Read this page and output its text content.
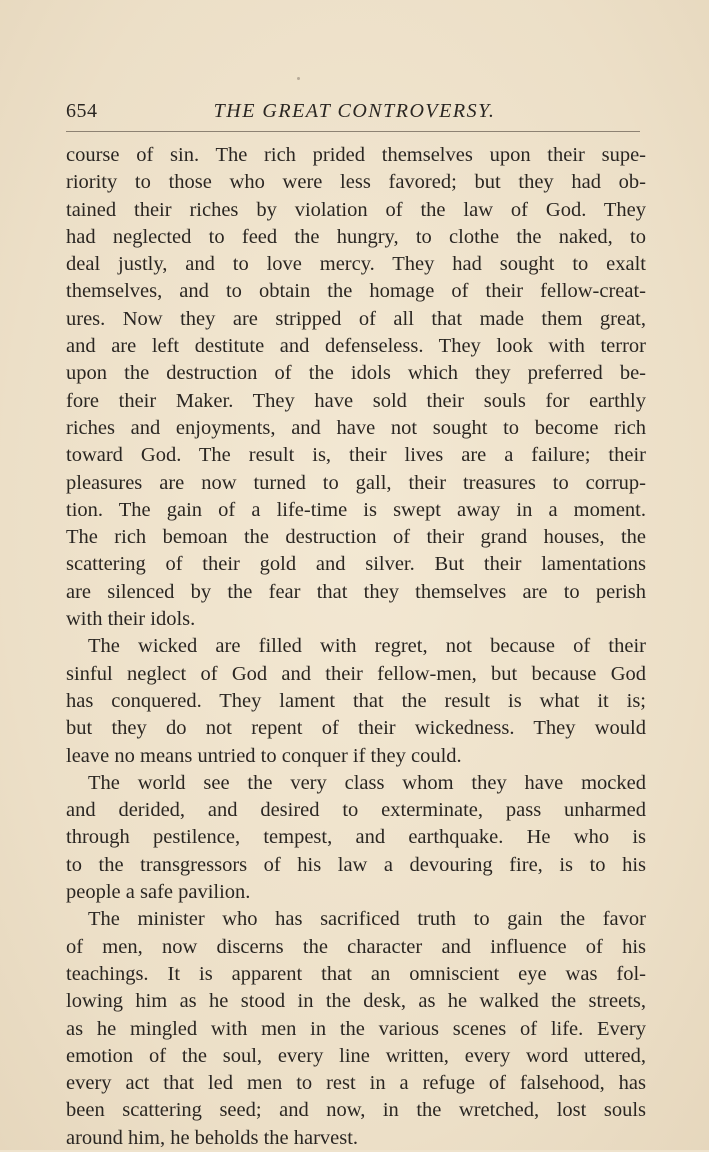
654	THE GREAT CONTROVERSY.
course of sin. The rich prided themselves upon their supe-
riority to those who were less favored; but they had ob-
tained their riches by violation of the law of God. They
had neglected to feed the hungry, to clothe the naked, to
deal justly, and to love mercy. They had sought to exalt
themselves, and to obtain the homage of their fellow-creat-
ures. Now they are stripped of all that made them great,
and are left destitute and defenseless. They look with terror
upon the destruction of the idols which they preferred be-
fore their Maker. They have sold their souls for earthly
riches and enjoyments, and have not sought to become rich
toward God. The result is, their lives are a failure; their
pleasures are now turned to gall, their treasures to corrup-
tion. The gain of a life-time is swept away in a moment.
The rich bemoan the destruction of their grand houses, the
scattering of their gold and silver. But their lamentations
are silenced by the fear that they themselves are to perish
with their idols.
The wicked are filled with regret, not because of their
sinful neglect of God and their fellow-men, but because God
has conquered. They lament that the result is what it is;
but they do not repent of their wickedness. They would
leave no means untried to conquer if they could.
The world see the very class whom they have mocked
and derided, and desired to exterminate, pass unharmed
through pestilence, tempest, and earthquake. He who is
to the transgressors of his law a devouring fire, is to his
people a safe pavilion.
The minister who has sacrificed truth to gain the favor
of men, now discerns the character and influence of his
teachings. It is apparent that an omniscient eye was fol-
lowing him as he stood in the desk, as he walked the streets,
as he mingled with men in the various scenes of life. Every
emotion of the soul, every line written, every word uttered,
every act that led men to rest in a refuge of falsehood, has
been scattering seed; and now, in the wretched, lost souls
around him, he beholds the harvest.
